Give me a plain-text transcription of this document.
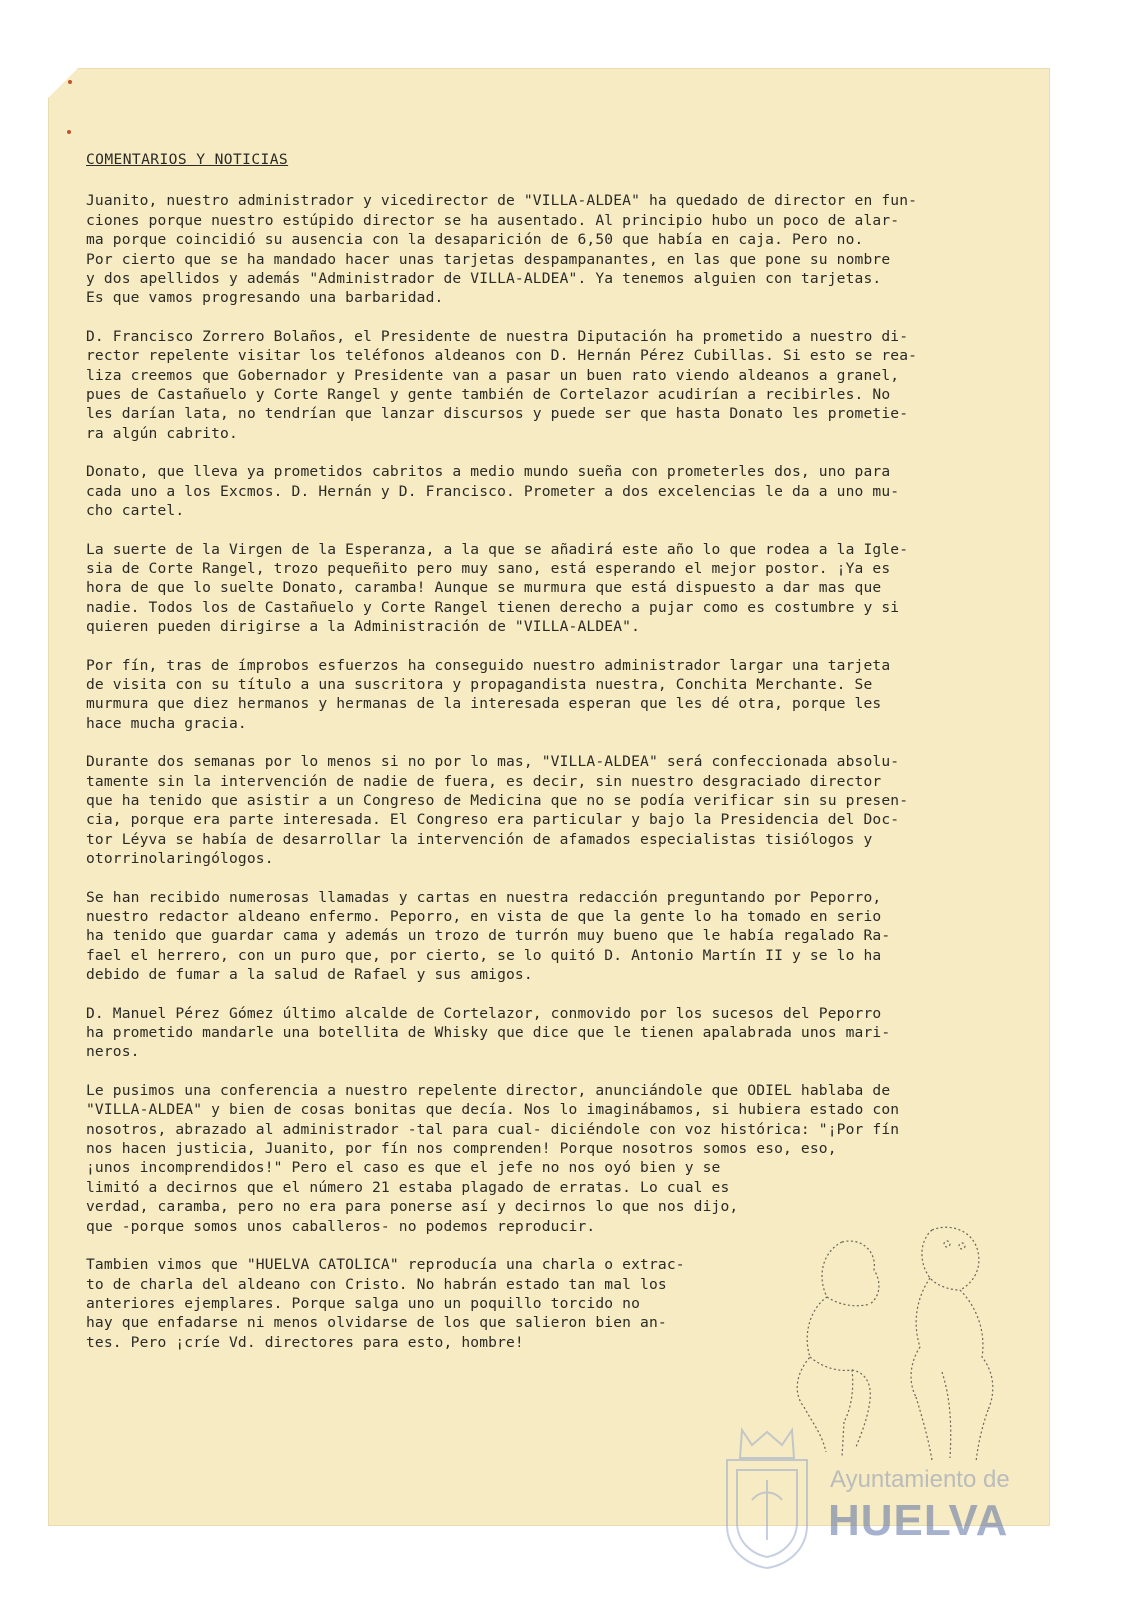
COMENTARIOS Y NOTICIAS
Juanito, nuestro administrador y vicedirector de "VILLA-ALDEA" ha quedado de director en fun-
ciones porque nuestro estúpido director se ha ausentado. Al principio hubo un poco de alar-
ma porque coincidió su ausencia con la desaparición de 6,50 que había en caja. Pero no.
Por cierto que se ha mandado hacer unas tarjetas despampanantes, en las que pone su nombre
y dos apellidos y además "Administrador de VILLA-ALDEA". Ya tenemos alguien con tarjetas.
Es que vamos progresando una barbaridad.
D. Francisco Zorrero Bolaños, el Presidente de nuestra Diputación ha prometido a nuestro di-
rector repelente visitar los teléfonos aldeanos con D. Hernán Pérez Cubillas. Si esto se rea-
liza creemos que Gobernador y Presidente van a pasar un buen rato viendo aldeanos a granel,
pues de Castañuelo y Corte Rangel y gente también de Cortelazor acudirían a recibirles. No
les darían lata, no tendrían que lanzar discursos y puede ser que hasta Donato les prometie-
ra algún cabrito.
Donato, que lleva ya prometidos cabritos a medio mundo sueña con prometerles dos, uno para
cada uno a los Excmos. D. Hernán y D. Francisco. Prometer a dos excelencias le da a uno mu-
cho cartel.
La suerte de la Virgen de la Esperanza, a la que se añadirá este año lo que rodea a la Igle-
sia de Corte Rangel, trozo pequeñito pero muy sano, está esperando el mejor postor. ¡Ya es
hora de que lo suelte Donato, caramba! Aunque se murmura que está dispuesto a dar mas que
nadie. Todos los de Castañuelo y Corte Rangel tienen derecho a pujar como es costumbre y si
quieren pueden dirigirse a la Administración de "VILLA-ALDEA".
Por fín, tras de ímprobos esfuerzos ha conseguido nuestro administrador largar una tarjeta
de visita con su título a una suscritora y propagandista nuestra, Conchita Merchante. Se
murmura que diez hermanos y hermanas de la interesada esperan que les dé otra, porque les
hace mucha gracia.
Durante dos semanas por lo menos si no por lo mas, "VILLA-ALDEA" será confeccionada absolu-
tamente sin la intervención de nadie de fuera, es decir, sin nuestro desgraciado director
que ha tenido que asistir a un Congreso de Medicina que no se podía verificar sin su presen-
cia, porque era parte interesada. El Congreso era particular y bajo la Presidencia del Doc-
tor Léyva se había de desarrollar la intervención de afamados especialistas tisiólogos y
otorrinolaringólogos.
Se han recibido numerosas llamadas y cartas en nuestra redacción preguntando por Peporro,
nuestro redactor aldeano enfermo. Peporro, en vista de que la gente lo ha tomado en serio
ha tenido que guardar cama y además un trozo de turrón muy bueno que le había regalado Ra-
fael el herrero, con un puro que, por cierto, se lo quitó D. Antonio Martín II y se lo ha
debido de fumar a la salud de Rafael y sus amigos.
D. Manuel Pérez Gómez último alcalde de Cortelazor, conmovido por los sucesos del Peporro
ha prometido mandarle una botellita de Whisky que dice que le tienen apalabrada unos mari-
neros.
Le pusimos una conferencia a nuestro repelente director, anunciándole que ODIEL hablaba de
"VILLA-ALDEA" y bien de cosas bonitas que decía. Nos lo imaginábamos, si hubiera estado con
nosotros, abrazado al administrador -tal para cual- diciéndole con voz histórica: "¡Por fín
nos hacen justicia, Juanito, por fín nos comprenden! Porque nosotros somos eso, eso,
¡unos incomprendidos!" Pero el caso es que el jefe no nos oyó bien y se
limitó a decirnos que el número 21 estaba plagado de erratas. Lo cual es
verdad, caramba, pero no era para ponerse así y decirnos lo que nos dijo,
que -porque somos unos caballeros- no podemos reproducir.
Tambien vimos que "HUELVA CATOLICA" reproducía una charla o extrac-
to de charla del aldeano con Cristo. No habrán estado tan mal los
anteriores ejemplares. Porque salga uno un poquillo torcido no
hay que enfadarse ni menos olvidarse de los que salieron bien an-
tes. Pero ¡críe Vd. directores para esto, hombre!
Ayuntamiento de
HUELVA
